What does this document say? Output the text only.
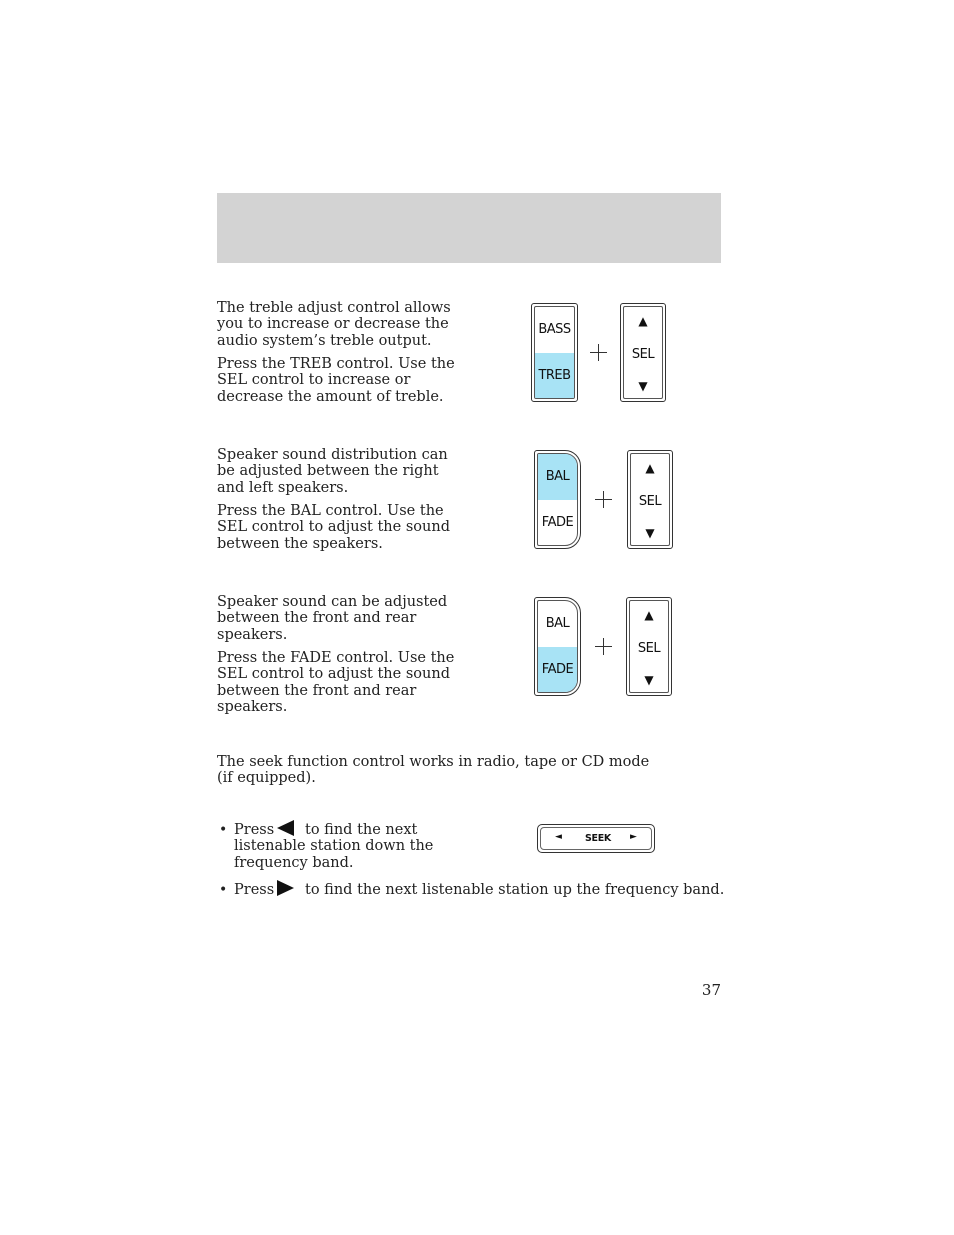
The treble adjust control allows you to increase or decrease the audio system’s treble output.

Press the TREB control. Use the SEL control to increase or decrease the amount of treble.

BASS
TREB
▲
SEL
▼

Speaker sound distribution can be adjusted between the right and left speakers.

Press the BAL control. Use the SEL control to adjust the sound between the speakers.

BAL
FADE
▲
SEL
▼

Speaker sound can be adjusted between the front and rear speakers.

Press the FADE control. Use the SEL control to adjust the sound between the front and rear speakers.

BAL
FADE
▲
SEL
▼

The seek function control works in radio, tape or CD mode (if equipped).

• Press	to find the next listenable station down the frequency band.

◄ SEEK ►
• Press to find the next listenable station up the frequency band.
37
